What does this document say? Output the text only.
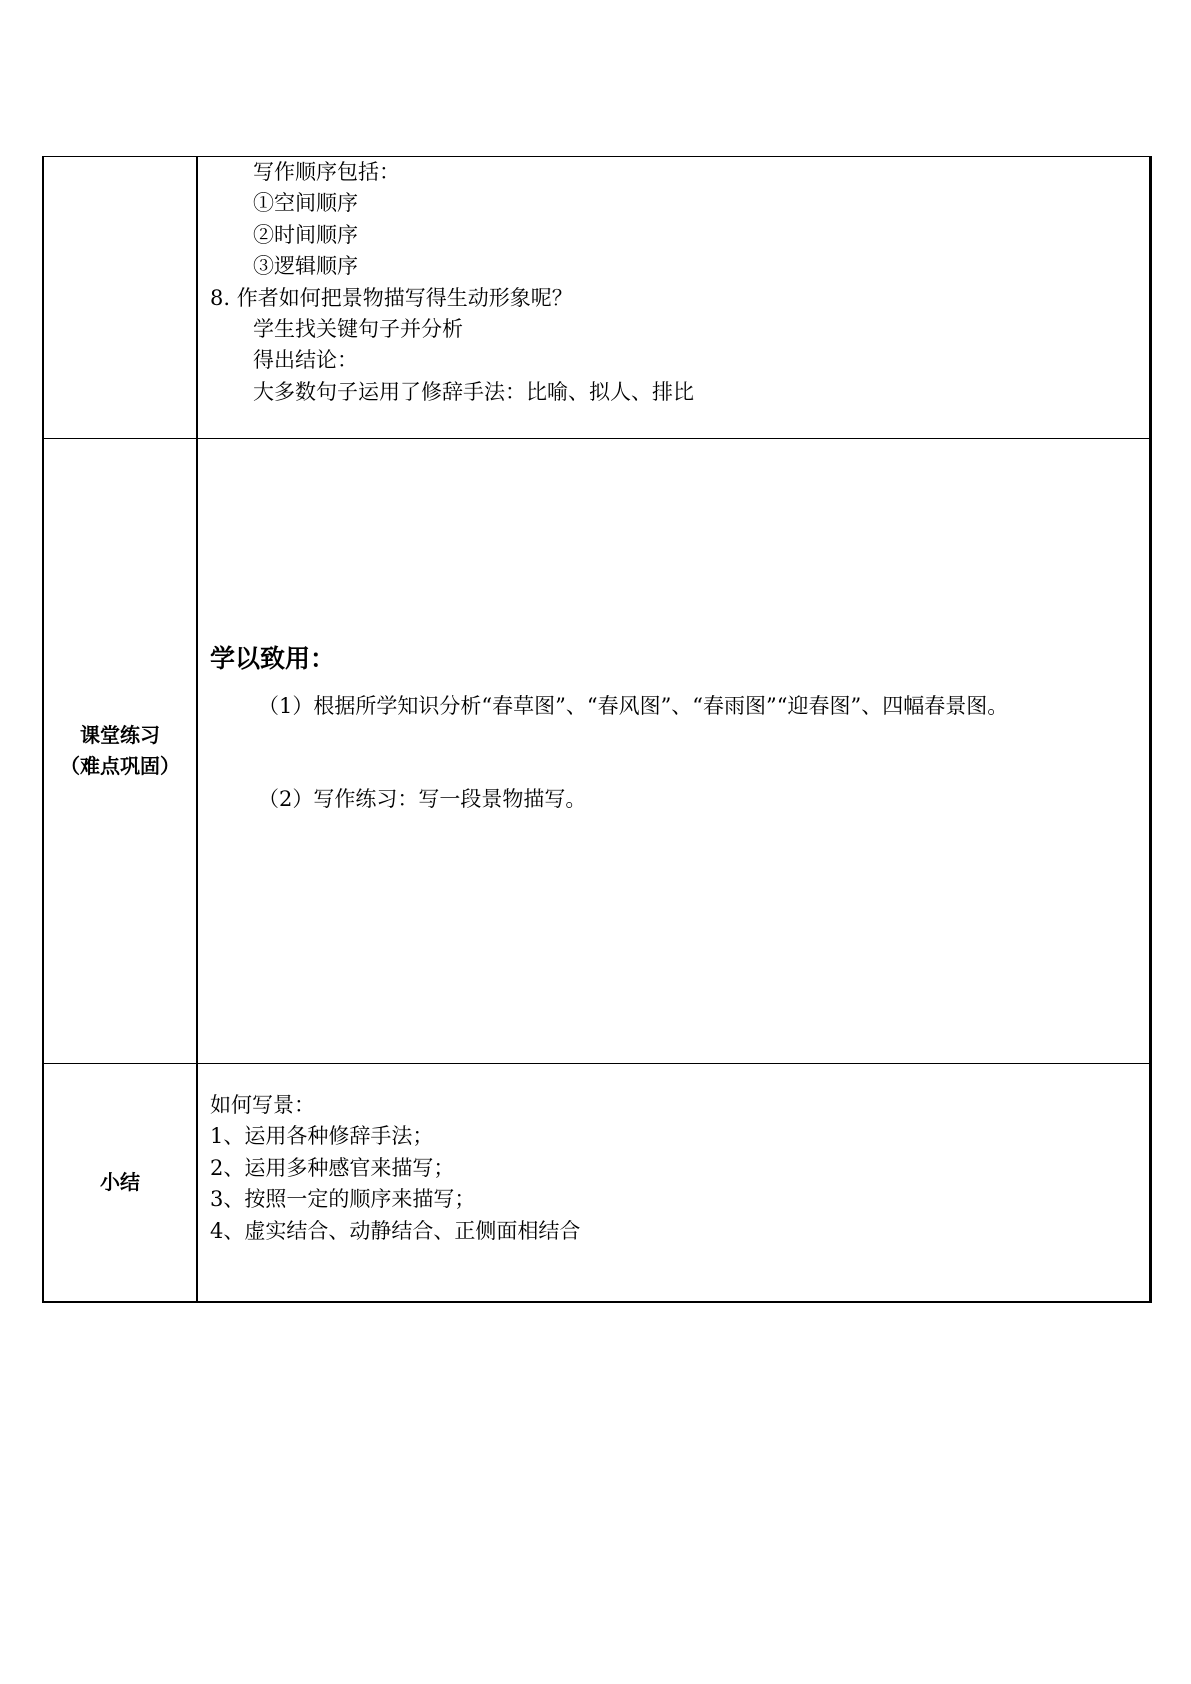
写作顺序包括：
①空间顺序
②时间顺序
③逻辑顺序
8. 作者如何把景物描写得生动形象呢？
学生找关键句子并分析
得出结论：
大多数句子运用了修辞手法：比喻、拟人、排比
课堂练习
（难点巩固）
学以致用：
（1）根据所学知识分析“春草图”、“春风图”、“春雨图”“迎春图”、四幅春景图。
（2）写作练习：写一段景物描写。
小结
如何写景：
1、运用各种修辞手法；
2、运用多种感官来描写；
3、按照一定的顺序来描写；
4、虚实结合、动静结合、正侧面相结合
